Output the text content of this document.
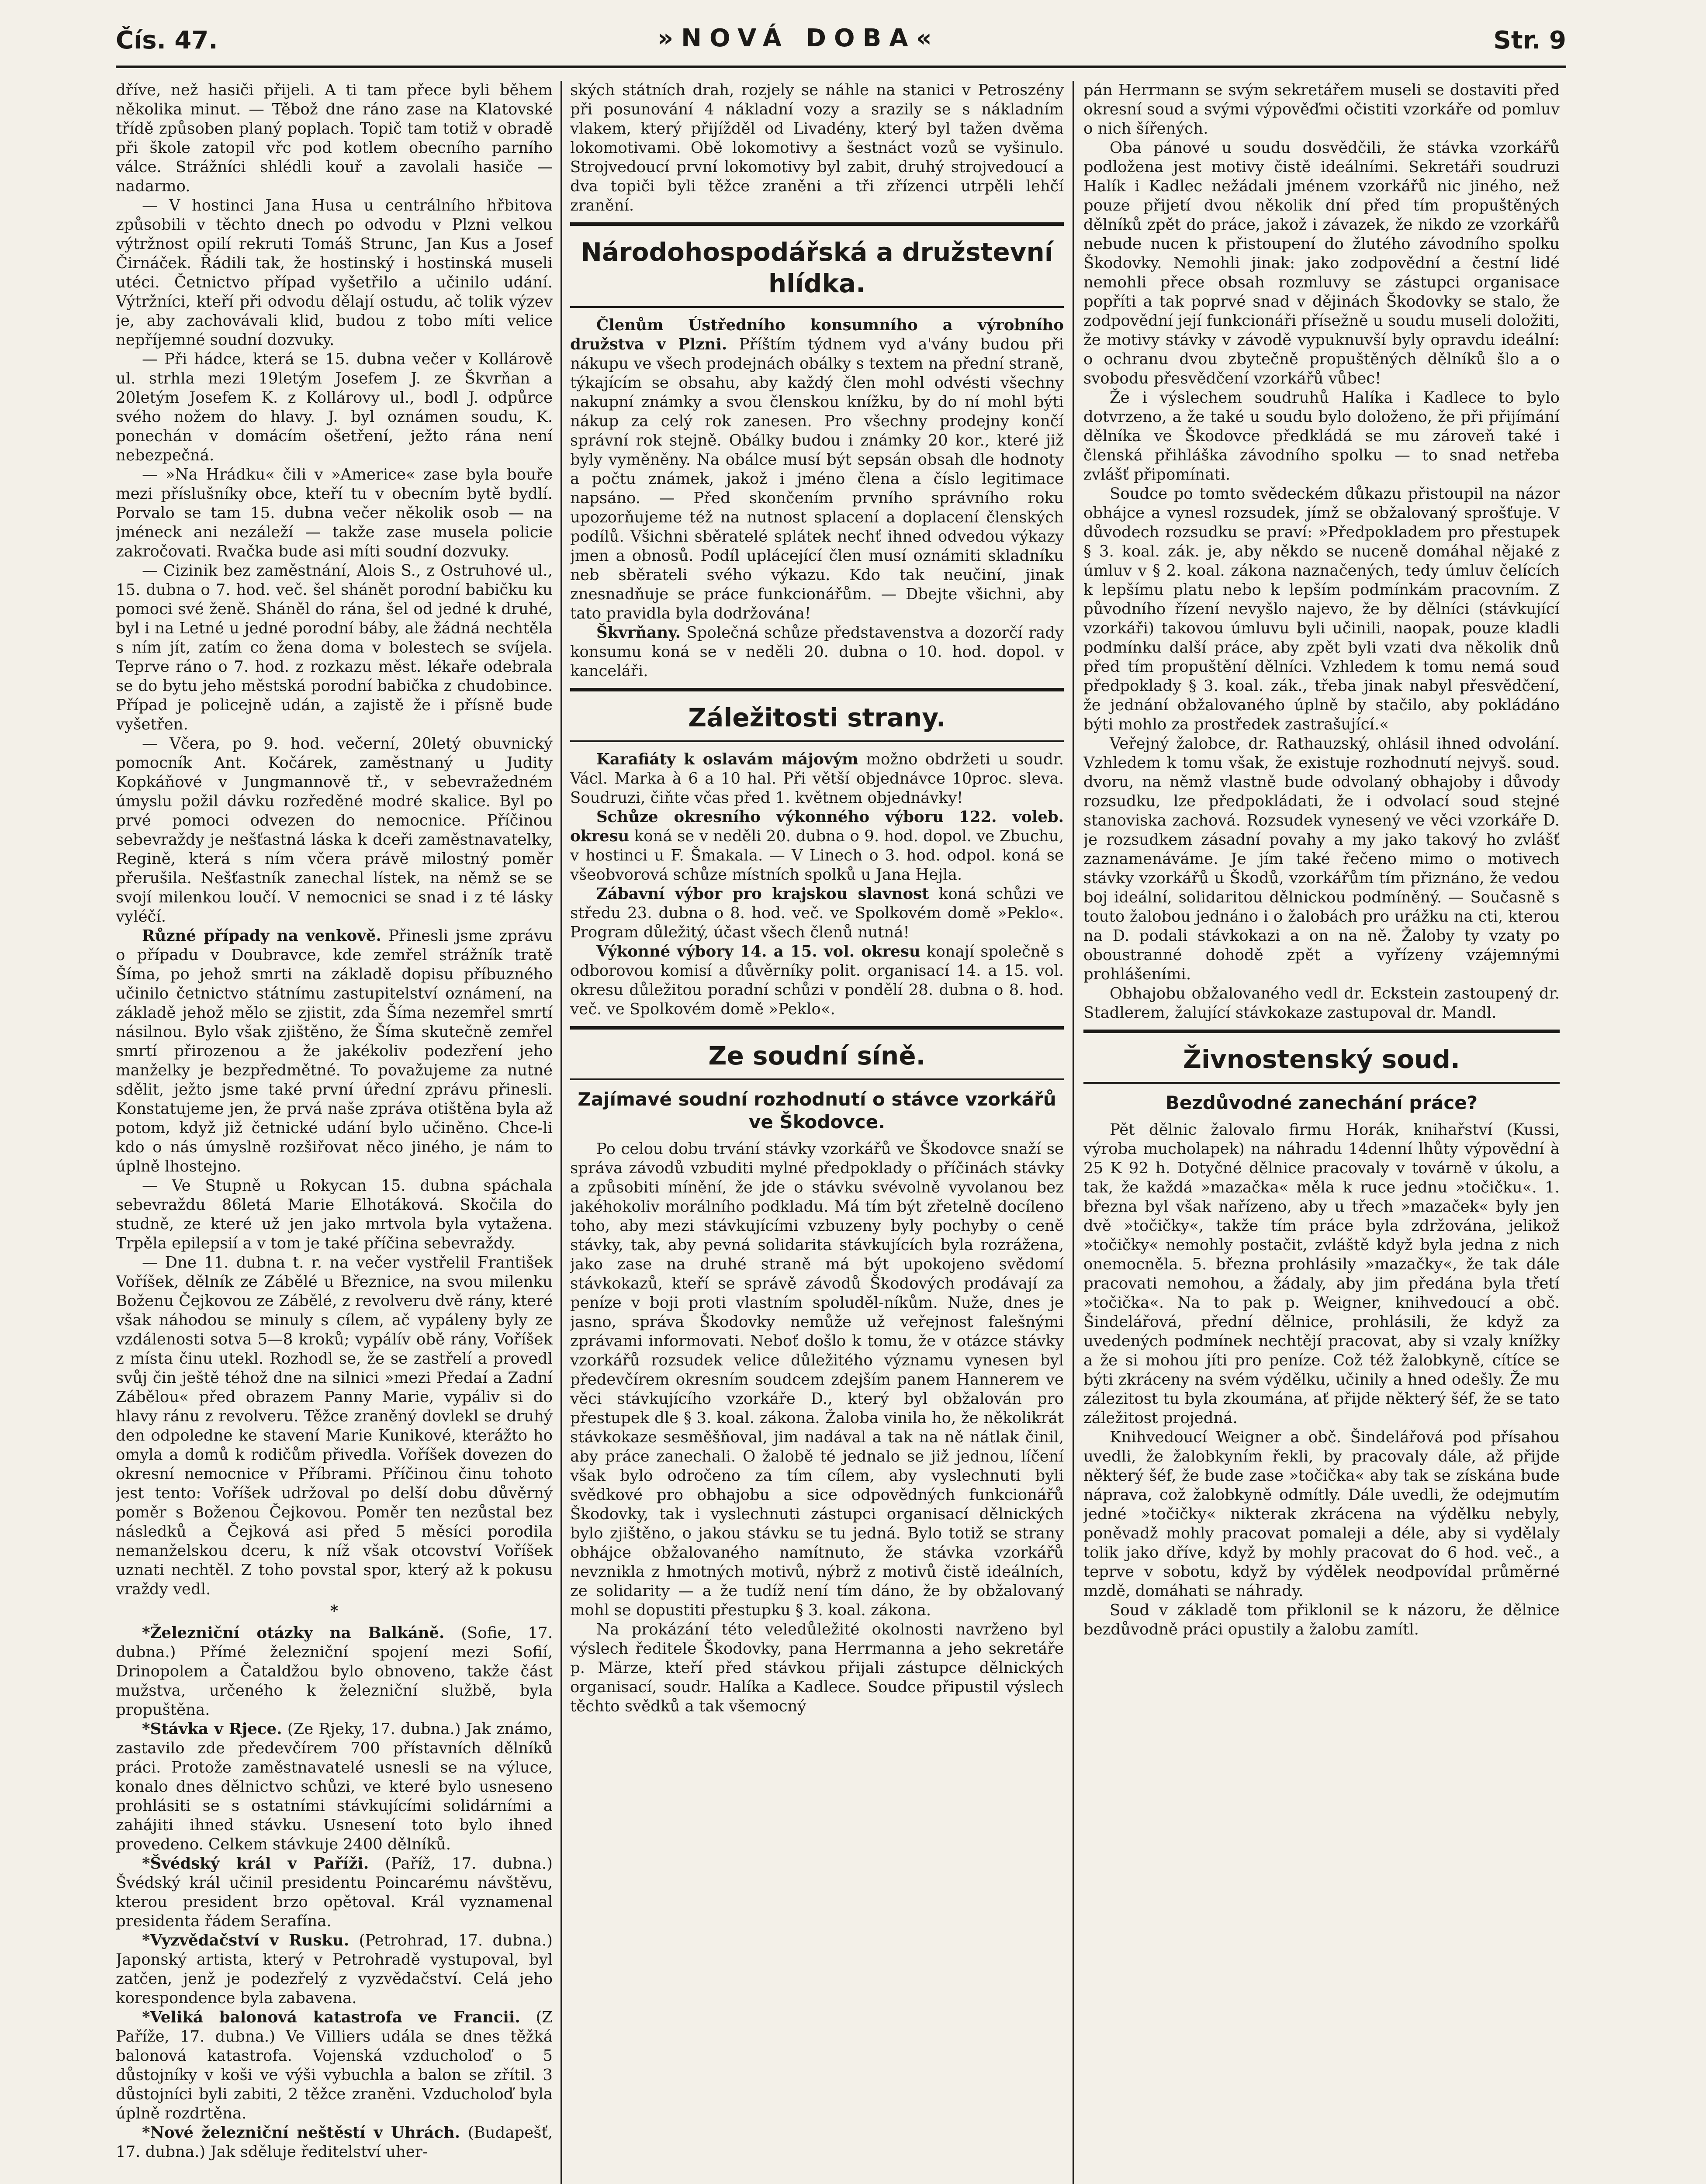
Čís. 47.	»NOVÁ DOBA«	Str. 9

dříve, než hasiči přijeli. A ti tam přece byli během několika minut. — Těbož dne ráno zase na Klatovské třídě způsoben planý poplach. Topič tam totiž v obradě při škole zatopil vřc pod kotlem obecního parního válce. Strážníci shlédli kouř a zavolali hasiče — nadarmo.

— V hostinci Jana Husa u centrálního hřbitova způsobili v těchto dnech po odvodu v Plzni velkou výtržnost opilí rekruti Tomáš Strunc, Jan Kus a Josef Čirnáček. Řádili tak, že hostinský i hostinská museli utéci. Četnictvo případ vyšetřilo a učinilo udání. Výtržníci, kteří při odvodu dělají ostudu, ač tolik výzev je, aby zachovávali klid, budou z tobo míti velice nepříjemné soudní dozvuky.

— Při hádce, která se 15. dubna večer v Kollárově ul. strhla mezi 19letým Josefem J. ze Škvrňan a 20letým Josefem K. z Kollárovy ul., bodl J. odpůrce svého nožem do hlavy. J. byl oznámen soudu, K. ponechán v domácím ošetření, ježto rána není nebezpečná.

— »Na Hrádku« čili v »Americe« zase byla bouře mezi příslušníky obce, kteří tu v obecním bytě bydlí. Porvalo se tam 15. dubna večer několik osob — na jméneck ani nezáleží — takže zase musela policie zakročovati. Rvačka bude asi míti soudní dozvuky.

— Cizinik bez zaměstnání, Alois S., z Ostruhové ul., 15. dubna o 7. hod. več. šel shánět porodní babičku ku pomoci své ženě. Sháněl do rána, šel od jedné k druhé, byl i na Letné u jedné porodní báby, ale žádná nechtěla s ním jít, zatím co žena doma v bolestech se svíjela. Teprve ráno o 7. hod. z rozkazu měst. lékaře odebrala se do bytu jeho městská porodní babička z chudobince. Případ je policejně udán, a zajistě že i přísně bude vyšetřen.

— Včera, po 9. hod. večerní, 20letý obuvnický pomocník Ant. Kočárek, zaměstnaný u Judity Kopkáňové v Jungmannově tř., v sebevražedném úmyslu požil dávku rozředěné modré skalice. Byl po prvé pomoci odvezen do nemocnice. Příčinou sebevraždy je nešťastná láska k dceři zaměstnavatelky, Regině, která s ním včera právě milostný poměr přerušila. Nešťastník zanechal lístek, na němž se se svojí milenkou loučí. V nemocnici se snad i z té lásky vyléčí.

Různé případy na venkově. Přinesli jsme zprávu o případu v Doubravce, kde zemřel strážník tratě Šíma, po jehož smrti na základě dopisu příbuzného učinilo četnictvo státnímu zastupitelství oznámení, na základě jehož mělo se zjistit, zda Šíma nezemřel smrtí násilnou. Bylo však zjištěno, že Šíma skutečně zemřel smrtí přirozenou a že jakékoliv podezření jeho manželky je bezpředmětné. To považujeme za nutné sdělit, ježto jsme také první úřední zprávu přinesli. Konstatujeme jen, že prvá naše zpráva otištěna byla až potom, když již četnické udání bylo učiněno. Chce-li kdo o nás úmyslně rozšiřovat něco jiného, je nám to úplně lhostejno.

— Ve Stupně u Rokycan 15. dubna spáchala sebevraždu 86letá Marie Elhotáková. Skočila do studně, ze které už jen jako mrtvola byla vytažena. Trpěla epilepsií a v tom je také příčina sebevraždy.

— Dne 11. dubna t. r. na večer vystřelil František Voříšek, dělník ze Zábělé u Březnice, na svou milenku Boženu Čejkovou ze Zábělé, z revolveru dvě rány, které však náhodou se minuly s cílem, ač vypáleny byly ze vzdálenosti sotva 5—8 kroků; vypálív obě rány, Voříšek z místa činu utekl. Rozhodl se, že se zastřelí a provedl svůj čin ještě téhož dne na silnici »mezi Předaí a Zadní Zábělou« před obrazem Panny Marie, vypáliv si do hlavy ránu z revolveru. Těžce zraněný dovlekl se druhý den odpoledne ke stavení Marie Kunikové, kterážto ho omyla a domů k rodičům přivedla. Voříšek dovezen do okresní nemocnice v Příbrami. Příčinou činu tohoto jest tento: Voříšek udržoval po delší dobu důvěrný poměr s Boženou Čejkovou. Poměr ten nezůstal bez následků a Čejková asi před 5 měsíci porodila nemanželskou dceru, k níž však otcovství Voříšek uznati nechtěl. Z toho povstal spor, který až k pokusu vraždy vedl.

*

*Železniční otázky na Balkáně. (Sofie, 17. dubna.) Přímé železniční spojení mezi Sofií, Drinopolem a Čataldžou bylo obnoveno, takže část mužstva, určeného k železniční službě, byla propuštěna.

*Stávka v Rjece. (Ze Rjeky, 17. dubna.) Jak známo, zastavilo zde předevčírem 700 přístavních dělníků práci. Protože zaměstnavatelé usnesli se na výluce, konalo dnes dělnictvo schůzi, ve které bylo usneseno prohlásiti se s ostatními stávkujícími solidárními a zahájiti ihned stávku. Usnesení toto bylo ihned provedeno. Celkem stávkuje 2400 dělníků.

*Švédský král v Paříži. (Paříž, 17. dubna.) Švédský král učinil presidentu Poincarému návštěvu, kterou president brzo opětoval. Král vyznamenal presidenta řádem Serafína.

*Vyzvědačství v Rusku. (Petrohrad, 17. dubna.) Japonský artista, který v Petrohradě vystupoval, byl zatčen, jenž je podezřelý z vyzvědačství. Celá jeho korespondence byla zabavena.

*Veliká balonová katastrofa ve Francii. (Z Paříže, 17. dubna.) Ve Villiers udála se dnes těžká balonová katastrofa. Vojenská vzducholoď o 5 důstojníky v koši ve výši vybuchla a balon se zřítil. 3 důstojníci byli zabiti, 2 těžce zraněni. Vzducholoď byla úplně rozdrtěna.

*Nové železniční neštěstí v Uhrách. (Budapešť, 17. dubna.) Jak sděluje ředitelství uher-

ských státních drah, rozjely se náhle na stanici v Petroszény při posunování 4 nákladní vozy a srazily se s nákladním vlakem, který přijížděl od Livadény, který byl tažen dvěma lokomotivami. Obě lokomotivy a šestnáct vozů se vyšinulo. Strojvedoucí první lokomotivy byl zabit, druhý strojvedoucí a dva topiči byli těžce zraněni a tři zřízenci utrpěli lehčí zranění.

Národohospodářská a družstevní hlídka.

Členům Ústředního konsumního a výrobního družstva v Plzni. Příštím týdnem vyd a'vány budou při nákupu ve všech prodejnách obálky s textem na přední straně, týkajícím se obsahu, aby každý člen mohl odvésti všechny nakupní známky a svou členskou knížku, by do ní mohl býti nákup za celý rok zanesen. Pro všechny prodejny končí správní rok stejně. Obálky budou i známky 20 kor., které již byly vyměněny. Na obálce musí být sepsán obsah dle hodnoty a počtu známek, jakož i jméno člena a číslo legitimace napsáno. — Před skončením prvního správního roku upozorňujeme též na nutnost splacení a doplacení členských podílů. Všichni sběratelé splátek nechť ihned odvedou výkazy jmen a obnosů. Podíl uplácející člen musí oznámiti skladníku neb sběrateli svého výkazu. Kdo tak neučiní, jinak znesnadňuje se práce funkcionářům. — Dbejte všichni, aby tato pravidla byla dodržována!

Škvrňany. Společná schůze představenstva a dozorčí rady konsumu koná se v neděli 20. dubna o 10. hod. dopol. v kanceláři.

Záležitosti strany.

Karafiáty k oslavám májovým možno obdržeti u soudr. Václ. Marka à 6 a 10 hal. Při větší objednávce 10proc. sleva. Soudruzi, čiňte včas před 1. květnem objednávky!

Schůze okresního výkonného výboru 122. voleb. okresu koná se v neděli 20. dubna o 9. hod. dopol. ve Zbuchu, v hostinci u F. Šmakala. — V Linech o 3. hod. odpol. koná se všeobvorová schůze místních spolků u Jana Hejla.

Zábavní výbor pro krajskou slavnost koná schůzi ve středu 23. dubna o 8. hod. več. ve Spolkovém domě »Peklo«. Program důležitý, účast všech členů nutná!

Výkonné výbory 14. a 15. vol. okresu konají společně s odborovou komisí a důvěrníky polit. organisací 14. a 15. vol. okresu důležitou poradní schůzi v pondělí 28. dubna o 8. hod. več. ve Spolkovém domě »Peklo«.

Ze soudní síně.
Zajímavé soudní rozhodnutí o stávce vzorkářů ve Škodovce.

Po celou dobu trvání stávky vzorkářů ve Škodovce snaží se správa závodů vzbuditi mylné předpoklady o příčinách stávky a způsobiti mínění, že jde o stávku svévolně vyvolanou bez jakéhokoliv morálního podkladu. Má tím být zřetelně docíleno toho, aby mezi stávkujícími vzbuzeny byly pochyby o ceně stávky, tak, aby pevná solidarita stávkujících byla rozrážena, jako zase na druhé straně má být upokojeno svědomí stávkokazů, kteří se správě závodů Škodových prodávají za peníze v boji proti vlastním spoluděl-níkům. Nuže, dnes je jasno, správa Škodovky nemůže už veřejnost falešnými zprávami informovati. Neboť došlo k tomu, že v otázce stávky vzorkářů rozsudek velice důležitého významu vynesen byl předevčírem okresním soudcem zdejším panem Hannerem ve věci stávkujícího vzorkáře D., který byl obžalován pro přestupek dle § 3. koal. zákona. Žaloba vinila ho, že několikrát stávkokaze sesměšňoval, jim nadával a tak na ně nátlak činil, aby práce zanechali. O žalobě té jednalo se již jednou, líčení však bylo odročeno za tím cílem, aby vyslechnuti byli svědkové pro obhajobu a sice odpovědných funkcionářů Škodovky, tak i vyslechnuti zástupci organisací dělnických bylo zjištěno, o jakou stávku se tu jedná. Bylo totiž se strany obhájce obžalovaného namítnuto, že stávka vzorkářů nevznikla z hmotných motivů, nýbrž z motivů čistě ideálních, ze solidarity — a že tudíž není tím dáno, že by obžalovaný mohl se dopustiti přestupku § 3. koal. zákona.

Na prokázání této veledůležité okolnosti navrženo byl výslech ředitele Škodovky, pana Herrmanna a jeho sekretáře p. Märze, kteří před stávkou přijali zástupce dělnických organisací, soudr. Halíka a Kadlece. Soudce připustil výslech těchto svědků a tak všemocný

pán Herrmann se svým sekretářem museli se dostaviti před okresní soud a svými výpověďmi očistiti vzorkáře od pomluv o nich šířených.

Oba pánové u soudu dosvědčili, že stávka vzorkářů podložena jest motivy čistě ideálními. Sekretáři soudruzi Halík i Kadlec nežádali jménem vzorkářů nic jiného, než pouze přijetí dvou několik dní před tím propuštěných dělníků zpět do práce, jakož i závazek, že nikdo ze vzorkářů nebude nucen k přistoupení do žlutého závodního spolku Škodovky. Nemohli jinak: jako zodpovědní a čestní lidé nemohli přece obsah rozmluvy se zástupci organisace popříti a tak poprvé snad v dějinách Škodovky se stalo, že zodpovědní její funkcionáři přísežně u soudu museli doložiti, že motivy stávky v závodě vypuknuvší byly opravdu ideální: o ochranu dvou zbytečně propuštěných dělníků šlo a o svobodu přesvědčení vzorkářů vůbec!

Že i výslechem soudruhů Halíka i Kadlece to bylo dotvrzeno, a že také u soudu bylo doloženo, že při přijímání dělníka ve Škodovce předkládá se mu zároveň také i členská přihláška závodního spolku — to snad netřeba zvlášť připomínati.

Soudce po tomto svědeckém důkazu přistoupil na názor obhájce a vynesl rozsudek, jímž se obžalovaný sprošťuje. V důvodech rozsudku se praví: »Předpokladem pro přestupek § 3. koal. zák. je, aby někdo se nuceně domáhal nějaké z úmluv v § 2. koal. zákona naznačených, tedy úmluv čelících k lepšímu platu nebo k lepším podmínkám pracovním. Z původního řízení nevyšlo najevo, že by dělníci (stávkující vzorkáři) takovou úmluvu byli učinili, naopak, pouze kladli podmínku další práce, aby zpět byli vzati dva několik dnů před tím propuštění dělníci. Vzhledem k tomu nemá soud předpoklady § 3. koal. zák., třeba jinak nabyl přesvědčení, že jednání obžalovaného úplně by stačilo, aby pokládáno býti mohlo za prostředek zastrašující.«

Veřejný žalobce, dr. Rathauzský, ohlásil ihned odvolání. Vzhledem k tomu však, že existuje rozhodnutí nejvyš. soud. dvoru, na němž vlastně bude odvolaný obhajoby i důvody rozsudku, lze předpokládati, že i odvolací soud stejné stanoviska zachová. Rozsudek vynesený ve věci vzorkáře D. je rozsudkem zásadní povahy a my jako takový ho zvlášť zaznamenáváme. Je jím také řečeno mimo o motivech stávky vzorkářů u Škodů, vzorkářům tím přiznáno, že vedou boj ideální, solidaritou dělnickou podmíněný. — Současně s touto žalobou jednáno i o žalobách pro urážku na cti, kterou na D. podali stávkokazi a on na ně. Žaloby ty vzaty po oboustranné dohodě zpět a vyřízeny vzájemnými prohlášeními.

Obhajobu obžalovaného vedl dr. Eckstein zastoupený dr. Stadlerem, žalující stávkokaze zastupoval dr. Mandl.

Živnostenský soud.
Bezdůvodné zanechání práce?

Pět dělnic žalovalo firmu Horák, knihařství (Kussi, výroba mucholapek) na náhradu 14denní lhůty výpovědní à 25 K 92 h. Dotyčné dělnice pracovaly v továrně v úkolu, a tak, že každá »mazačka« měla k ruce jednu »točičku«. 1. března byl však nařízeno, aby u třech »mazaček« byly jen dvě »točičky«, takže tím práce byla zdržována, jelikož »točičky« nemohly postačit, zvláště když byla jedna z nich onemocněla. 5. března prohlásily »mazačky«, že tak dále pracovati nemohou, a žádaly, aby jim předána byla třetí »točička«. Na to pak p. Weigner, knihvedoucí a obč. Šindelářová, přední dělnice, prohlásili, že když za uvedených podmínek nechtějí pracovat, aby si vzaly knížky a že si mohou jíti pro peníze. Což též žalobkyně, cítíce se býti zkráceny na svém výdělku, učinily a hned odešly. Že mu zálezitost tu byla zkoumána, ať přijde některý šéf, že se tato záležitost projedná.

Knihvedoucí Weigner a obč. Šindelářová pod přísahou uvedli, že žalobkyním řekli, by pracovaly dále, až přijde některý šéf, že bude zase »točička« aby tak se získána bude náprava, což žalobkyně odmítly. Dále uvedli, že odejmutím jedné »točičky« nikterak zkrácena na výdělku nebyly, poněvadž mohly pracovat pomaleji a déle, aby si vydělaly tolik jako dříve, když by mohly pracovat do 6 hod. več., a teprve v sobotu, když by výdělek neodpovídal průměrné mzdě, domáhati se náhrady.

Soud v základě tom přiklonil se k názoru, že dělnice bezdůvodně práci opustily a žalobu zamítl.
